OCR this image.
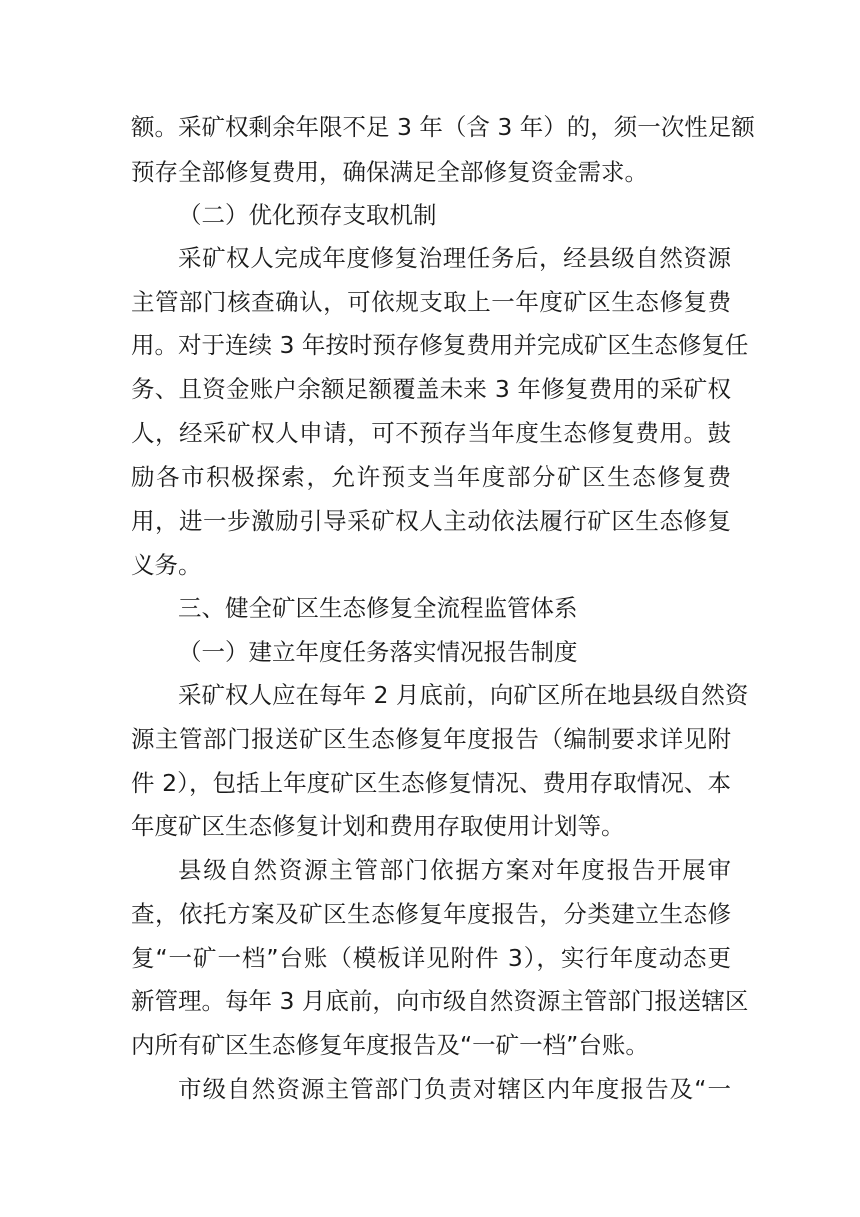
额。采矿权剩余年限不足 3 年（含 3 年）的，须一次性足额
预存全部修复费用，确保满足全部修复资金需求。
（二）优化预存支取机制
采矿权人完成年度修复治理任务后，经县级自然资源
主管部门核查确认，可依规支取上一年度矿区生态修复费
用。对于连续 3 年按时预存修复费用并完成矿区生态修复任
务、且资金账户余额足额覆盖未来 3 年修复费用的采矿权
人，经采矿权人申请，可不预存当年度生态修复费用。鼓
励各市积极探索，允许预支当年度部分矿区生态修复费
用，进一步激励引导采矿权人主动依法履行矿区生态修复
义务。
三、健全矿区生态修复全流程监管体系
（一）建立年度任务落实情况报告制度
采矿权人应在每年 2 月底前，向矿区所在地县级自然资
源主管部门报送矿区生态修复年度报告（编制要求详见附
件 2），包括上年度矿区生态修复情况、费用存取情况、本
年度矿区生态修复计划和费用存取使用计划等。
县级自然资源主管部门依据方案对年度报告开展审
查，依托方案及矿区生态修复年度报告，分类建立生态修
复“一矿一档”台账（模板详见附件 3），实行年度动态更
新管理。每年 3 月底前，向市级自然资源主管部门报送辖区
内所有矿区生态修复年度报告及“一矿一档”台账。
市级自然资源主管部门负责对辖区内年度报告及“一
